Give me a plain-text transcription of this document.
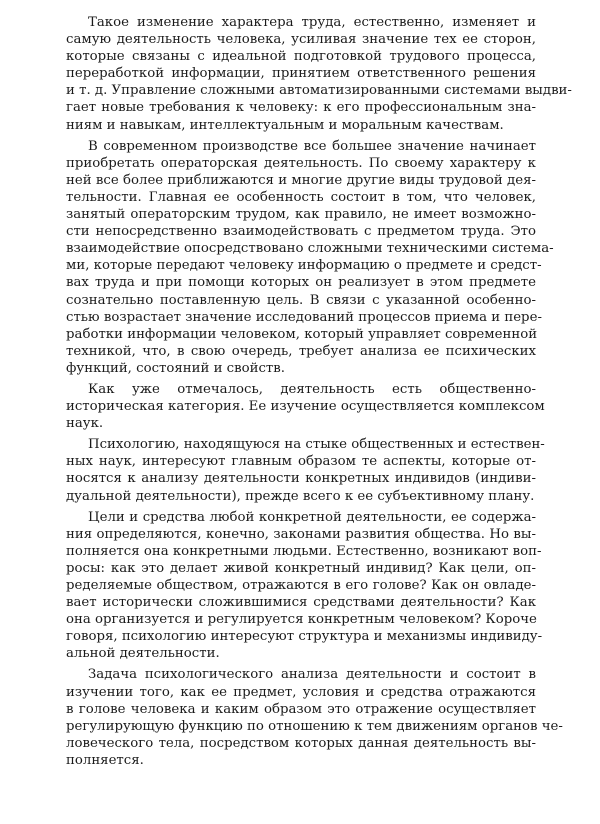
Такое изменение характера труда, естественно, изменяет и
самую деятельность человека, усиливая значение тех ее сторон,
которые связаны с идеальной подготовкой трудового процесса,
переработкой информации, принятием ответственного решения
и т. д. Управление сложными автоматизированными системами выдви-
гает новые требования к человеку: к его профессиональным зна-
ниям и навыкам, интеллектуальным и моральным качествам.
В современном производстве все большее значение начинает
приобретать операторская деятельность. По своему характеру к
ней все более приближаются и многие другие виды трудовой дея-
тельности. Главная ее особенность состоит в том, что человек,
занятый операторским трудом, как правило, не имеет возможно-
сти непосредственно взаимодействовать с предметом труда. Это
взаимодействие опосредствовано сложными техническими система-
ми, которые передают человеку информацию о предмете и средст-
вах труда и при помощи которых он реализует в этом предмете
сознательно поставленную цель. В связи с указанной особенно-
стью возрастает значение исследований процессов приема и пере-
работки информации человеком, который управляет современной
техникой, что, в свою очередь, требует анализа ее психических
функций, состояний и свойств.
Как уже отмечалось, деятельность есть общественно-
историческая категория. Ее изучение осуществляется комплексом
наук.
Психологию, находящуюся на стыке общественных и естествен-
ных наук, интересуют главным образом те аспекты, которые от-
носятся к анализу деятельности конкретных индивидов (индиви-
дуальной деятельности), прежде всего к ее субъективному плану.
Цели и средства любой конкретной деятельности, ее содержа-
ния определяются, конечно, законами развития общества. Но вы-
полняется она конкретными людьми. Естественно, возникают воп-
росы: как это делает живой конкретный индивид? Как цели, оп-
ределяемые обществом, отражаются в его голове? Как он овладе-
вает исторически сложившимися средствами деятельности? Как
она организуется и регулируется конкретным человеком? Короче
говоря, психологию интересуют структура и механизмы индивиду-
альной деятельности.
Задача психологического анализа деятельности и состоит в
изучении того, как ее предмет, условия и средства отражаются
в голове человека и каким образом это отражение осуществляет
регулирующую функцию по отношению к тем движениям органов че-
ловеческого тела, посредством которых данная деятельность вы-
полняется.
